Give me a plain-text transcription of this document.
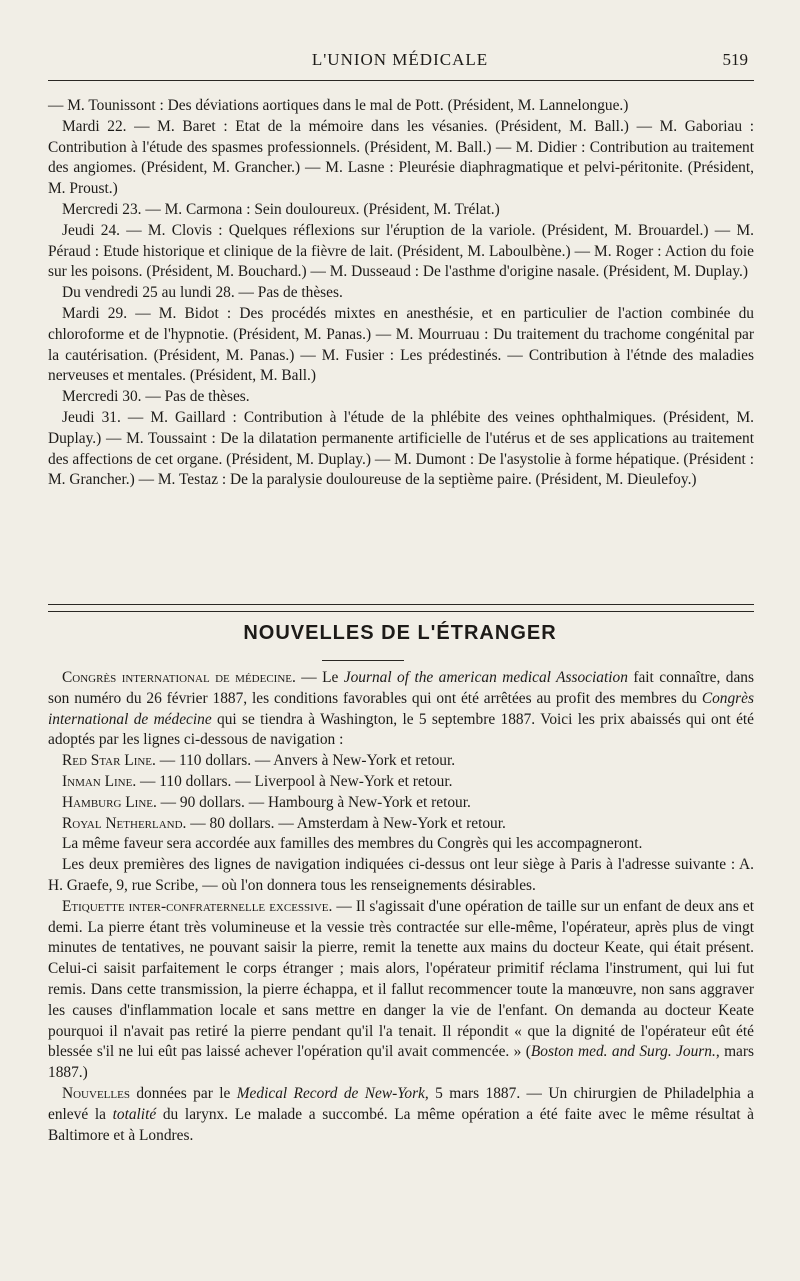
L'UNION MÉDICALE	519

— M. Tounissont : Des déviations aortiques dans le mal de Pott. (Président, M. Lannelongue.)

Mardi 22. — M. Baret : Etat de la mémoire dans les vésanies. (Président, M. Ball.) — M. Gaboriau : Contribution à l'étude des spasmes professionnels. (Président, M. Ball.) — M. Didier : Contribution au traitement des angiomes. (Président, M. Grancher.) — M. Lasne : Pleurésie diaphragmatique et pelvi-péritonite. (Président, M. Proust.)

Mercredi 23. — M. Carmona : Sein douloureux. (Président, M. Trélat.)

Jeudi 24. — M. Clovis : Quelques réflexions sur l'éruption de la variole. (Président, M. Brouardel.) — M. Péraud : Etude historique et clinique de la fièvre de lait. (Président, M. Laboulbène.) — M. Roger : Action du foie sur les poisons. (Président, M. Bouchard.) — M. Dusseaud : De l'asthme d'origine nasale. (Président, M. Duplay.)

Du vendredi 25 au lundi 28. — Pas de thèses.

Mardi 29. — M. Bidot : Des procédés mixtes en anesthésie, et en particulier de l'action combinée du chloroforme et de l'hypnotie. (Président, M. Panas.) — M. Mourruau : Du traitement du trachome congénital par la cautérisation. (Président, M. Panas.) — M. Fusier : Les prédestinés. — Contribution à l'étnde des maladies nerveuses et mentales. (Président, M. Ball.)

Mercredi 30. — Pas de thèses.

Jeudi 31. — M. Gaillard : Contribution à l'étude de la phlébite des veines ophthalmiques. (Président, M. Duplay.) — M. Toussaint : De la dilatation permanente artificielle de l'utérus et de ses applications au traitement des affections de cet organe. (Président, M. Duplay.) — M. Dumont : De l'asystolie à forme hépatique. (Président : M. Grancher.) — M. Testaz : De la paralysie douloureuse de la septième paire. (Président, M. Dieulefoy.)

NOUVELLES DE L'ÉTRANGER

Congrès international de médecine. — Le Journal of the american medical Association fait connaître, dans son numéro du 26 février 1887, les conditions favorables qui ont été arrêtées au profit des membres du Congrès international de médecine qui se tiendra à Washington, le 5 septembre 1887. Voici les prix abaissés qui ont été adoptés par les lignes ci-dessous de navigation :

Red Star Line. — 110 dollars. — Anvers à New-York et retour.

Inman Line. — 110 dollars. — Liverpool à New-York et retour.

Hamburg Line. — 90 dollars. — Hambourg à New-York et retour.

Royal Netherland. — 80 dollars. — Amsterdam à New-York et retour.

La même faveur sera accordée aux familles des membres du Congrès qui les accompagneront.

Les deux premières des lignes de navigation indiquées ci-dessus ont leur siège à Paris à l'adresse suivante : A. H. Graefe, 9, rue Scribe, — où l'on donnera tous les renseignements désirables.

Etiquette inter-confraternelle excessive. — Il s'agissait d'une opération de taille sur un enfant de deux ans et demi. La pierre étant très volumineuse et la vessie très contractée sur elle-même, l'opérateur, après plus de vingt minutes de tentatives, ne pouvant saisir la pierre, remit la tenette aux mains du docteur Keate, qui était présent. Celui-ci saisit parfaitement le corps étranger ; mais alors, l'opérateur primitif réclama l'instrument, qui lui fut remis. Dans cette transmission, la pierre échappa, et il fallut recommencer toute la manœuvre, non sans aggraver les causes d'inflammation locale et sans mettre en danger la vie de l'enfant. On demanda au docteur Keate pourquoi il n'avait pas retiré la pierre pendant qu'il l'a tenait. Il répondit « que la dignité de l'opérateur eût été blessée s'il ne lui eût pas laissé achever l'opération qu'il avait commencée. » (Boston med. and Surg. Journ., mars 1887.)

Nouvelles données par le Medical Record de New-York, 5 mars 1887. — Un chirurgien de Philadelphia a enlevé la totalité du larynx. Le malade a succombé. La même opération a été faite avec le même résultat à Baltimore et à Londres.
